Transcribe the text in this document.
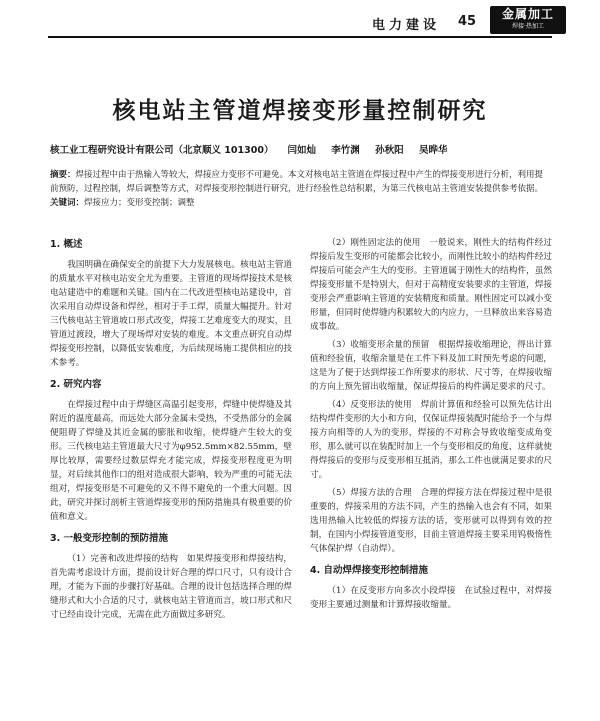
电力建设 45	金属加工
焊接·热加工
核电站主管道焊接变形量控制研究
核工业工程研究设计有限公司（北京顺义 101300） 闫如灿 李竹渊 孙秋阳 吴晔华
摘要：焊接过程中由于热输入等较大，焊接应力变形不可避免。本文对核电站主管道在焊接过程中产生的焊接变形进行分析，利用提前预防，过程控制，焊后调整等方式，对焊接变形控制进行研究，进行经验性总结积累，为第三代核电站主管道安装提供参考依据。
关键词：焊接应力；变形变控制；调整
1. 概述

我国明确在确保安全的前提下大力发展核电。核电站主管道的质量水平对核电站安全尤为重要。主管道的现场焊接技术是核电站建造中的难题和关键。国内在二代改进型核电站建设中，首次采用自动焊设备和焊丝，相对于手工焊，质量大幅提升。针对三代核电站主管道坡口形式改变，焊接工艺难度变大的现实，且管道过渡段，增大了现场焊对安装的难度。本文重点研究自动焊焊接变形控制，以降低安装难度，为后续现场施工提供相应的技术参考。

2. 研究内容

在焊接过程中由于焊缝区高温引起变形，焊缝中使焊缝及其附近的温度最高，而远处大部分金属未受热，不受热部分的金属便阻碍了焊缝及其近金属的膨胀和收缩，使焊缝产生较大的变形。三代核电站主管道最大尺寸为φ952.5mm×82.55mm，壁厚比较厚，需要经过数层焊充才能完成，焊接变形程度更为明显，对后续其他作口的组对造成很大影响，较为严重的可能无法组对，焊接变形是不可避免的又不得不避免的一个重大问题。因此，研究并探讨剖析主管道焊接变形的预防措施具有极重要的价值和意义。

3. 一般变形控制的预防措施

（1）完善和改进焊接的结构　如果焊接变形和焊接结构，首先需考虑设计方面，提前设计好合理的焊口尺寸，只有设计合理，才能为下面的步骤打好基础。合理的设计包括选择合理的焊缝形式和大小合适的尺寸，就核电站主管道而言，坡口形式和尺寸已经由设计完成，无需在此方面做过多研究。

（2）刚性固定法的使用　一般说来，刚性大的结构件经过焊接后发生变形的可能都会比较小，而刚性比较小的结构件经过焊接后可能会产生大的变形。主管道属于刚性大的结构件，虽然焊接变形量不是特别大，但对于高精度安装要求的主管道，焊接变形会严重影响主管道的安装精度和质量。刚性固定可以减小变形量，但同时使焊缝内积累较大的内应力，一旦释放出来容易造成事故。

（3）收缩变形余量的预留　根据焊接收缩理论，得出计算值和经验值，收缩余量是在工件下料及加工时预先考虑的问题，这是为了便于达到焊接工作所要求的形状、尺寸等，在焊接收缩的方向上预先留出收缩量，保证焊接后的构件满足要求的尺寸。

（4）反变形法的使用　焊前计算值和经验可以预先估计出结构焊件变形的大小和方向，仅保证焊接装配时能给予一个与焊接方向相等的人为的变形，焊接的不对称会导致收缩变成角变形，那么就可以在装配时加上一个与变形相反的角度，这样就使得焊接后的变形与反变形相互抵消，那么工件也就满足要求的尺寸。

（5）焊接方法的合理　合理的焊接方法在焊接过程中是很重要的，焊接采用的方法不同，产生的热输入也会有不同，如果选用热输入比较低的焊接方法的话，变形就可以得到有效的控制，在国内小焊接管道变形，目前主管道焊接主要采用钨极惰性气体保护焊（自动焊）。

4. 自动焊焊接变形控制措施

（1）在反变形方向多次小段焊接　在试验过程中，对焊接变形主要通过测量和计算焊接收缩量。
